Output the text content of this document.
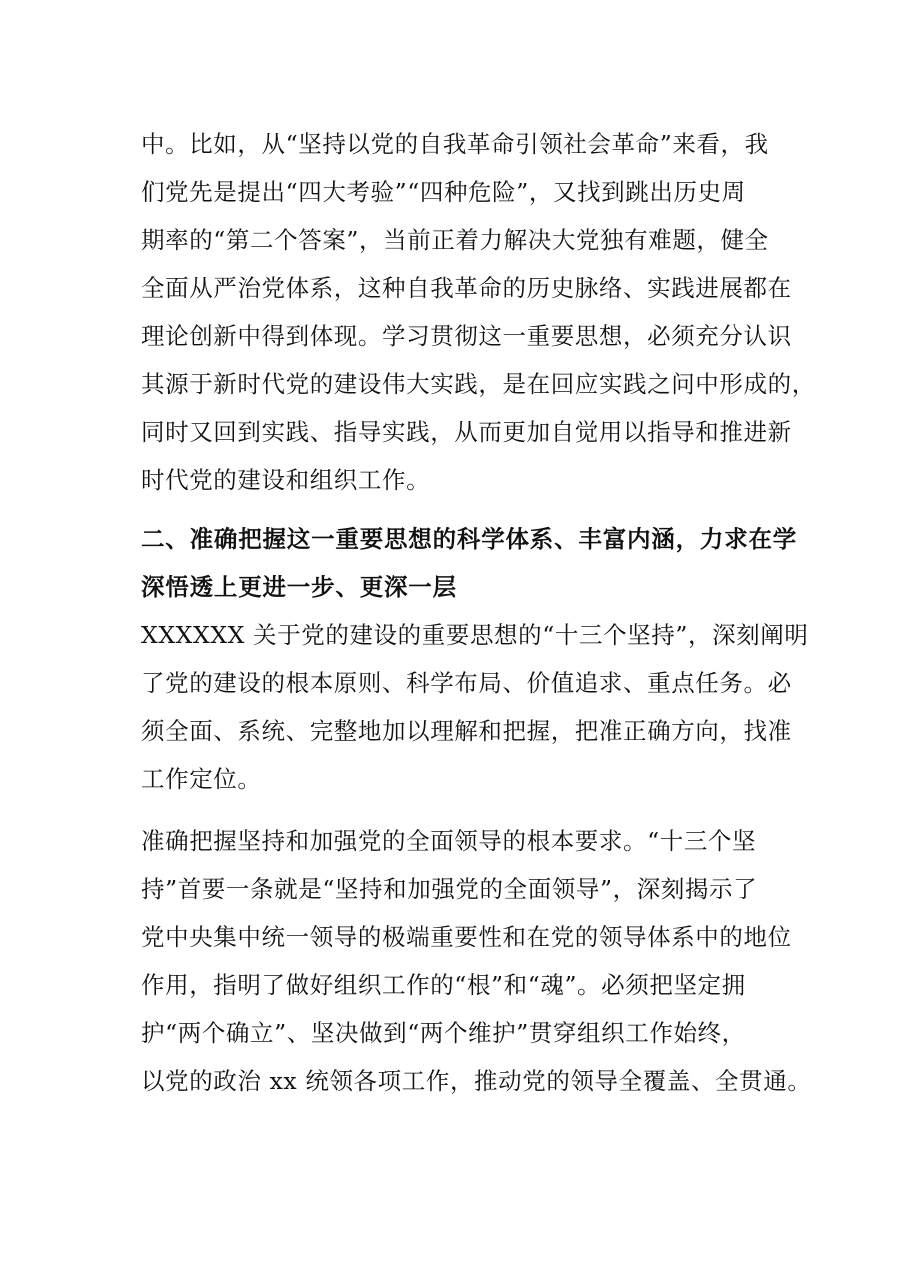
中。比如，从“坚持以党的自我革命引领社会革命”来看，我
们党先是提出“四大考验”“四种危险”，又找到跳出历史周
期率的“第二个答案”，当前正着力解决大党独有难题，健全
全面从严治党体系，这种自我革命的历史脉络、实践进展都在
理论创新中得到体现。学习贯彻这一重要思想，必须充分认识
其源于新时代党的建设伟大实践，是在回应实践之问中形成的，
同时又回到实践、指导实践，从而更加自觉用以指导和推进新
时代党的建设和组织工作。
二、准确把握这一重要思想的科学体系、丰富内涵，力求在学
深悟透上更进一步、更深一层
XXXXXX 关于党的建设的重要思想的“十三个坚持”，深刻阐明
了党的建设的根本原则、科学布局、价值追求、重点任务。必
须全面、系统、完整地加以理解和把握，把准正确方向，找准
工作定位。
准确把握坚持和加强党的全面领导的根本要求。“十三个坚
持”首要一条就是“坚持和加强党的全面领导”，深刻揭示了
党中央集中统一领导的极端重要性和在党的领导体系中的地位
作用，指明了做好组织工作的“根”和“魂”。必须把坚定拥
护“两个确立”、坚决做到“两个维护”贯穿组织工作始终，
以党的政治 xx 统领各项工作，推动党的领导全覆盖、全贯通。
